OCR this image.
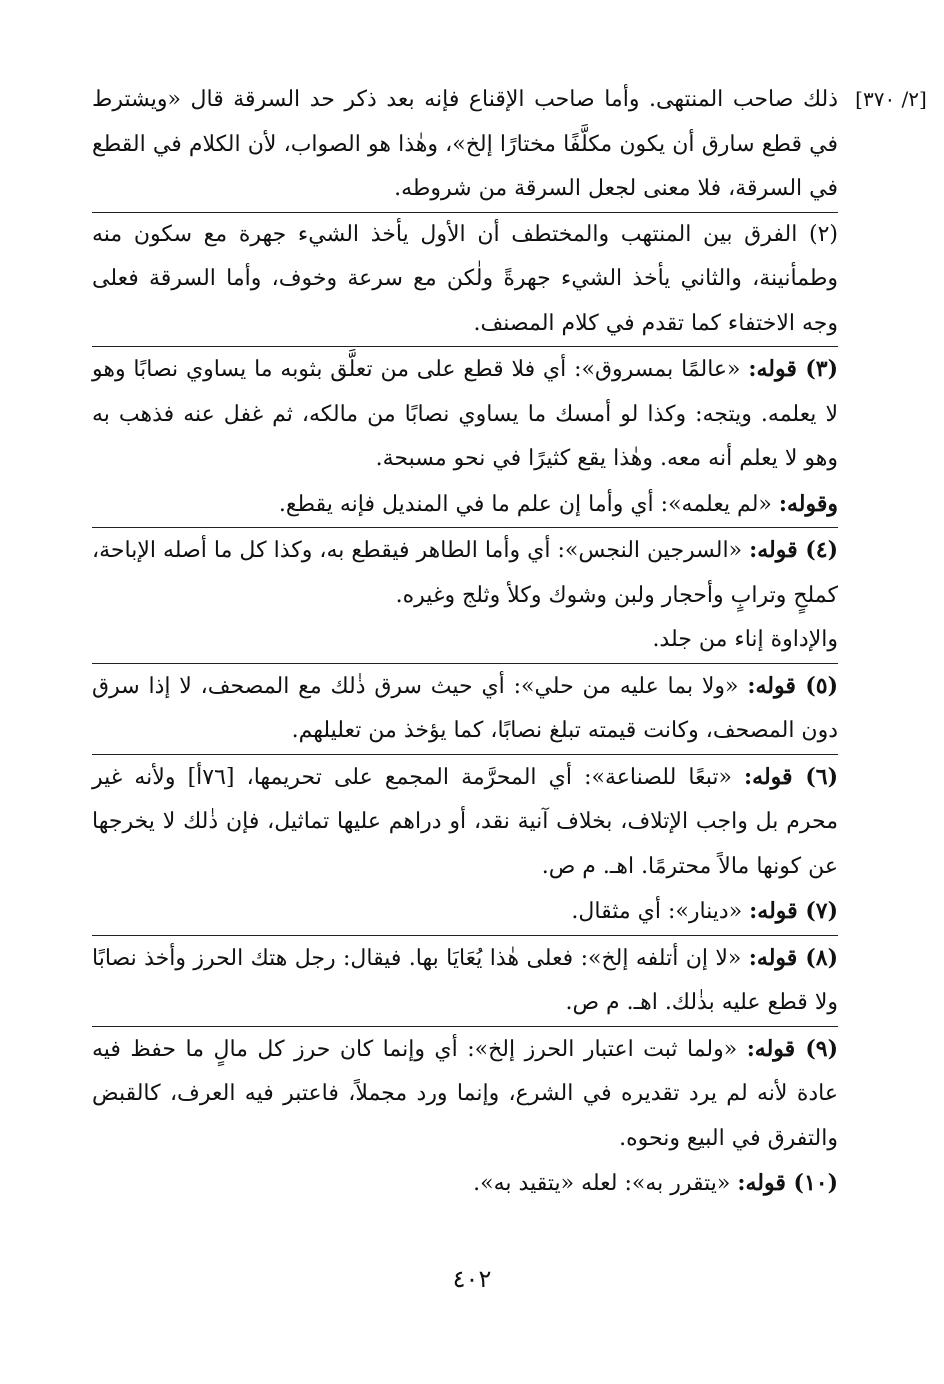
[٢/ ٣٧٠]

ذلك صاحب المنتهى. وأما صاحب الإقناع فإنه بعد ذكر حد السرقة قال «ويشترط في قطع سارق أن يكون مكلَّفًا مختارًا إلخ»، وهٰذا هو الصواب، لأن الكلام في القطع في السرقة، فلا معنى لجعل السرقة من شروطه.

(٢) الفرق بين المنتهب والمختطف أن الأول يأخذ الشيء جهرة مع سكون منه وطمأنينة، والثاني يأخذ الشيء جهرةً ولٰكن مع سرعة وخوف، وأما السرقة فعلى وجه الاختفاء كما تقدم في كلام المصنف.

(٣) قوله: «عالمًا بمسروق»: أي فلا قطع على من تعلَّق بثوبه ما يساوي نصابًا وهو لا يعلمه. ويتجه: وكذا لو أمسك ما يساوي نصابًا من مالكه، ثم غفل عنه فذهب به وهو لا يعلم أنه معه. وهٰذا يقع كثيرًا في نحو مسبحة.

وقوله: «لم يعلمه»: أي وأما إن علم ما في المنديل فإنه يقطع.

(٤) قوله: «السرجين النجس»: أي وأما الطاهر فيقطع به، وكذا كل ما أصله الإباحة، كملحٍ وترابٍ وأحجار ولبن وشوك وكلأ وثلج وغيره.

والإداوة إناء من جلد.

(٥) قوله: «ولا بما عليه من حلي»: أي حيث سرق ذٰلك مع المصحف، لا إذا سرق دون المصحف، وكانت قيمته تبلغ نصابًا، كما يؤخذ من تعليلهم.

(٦) قوله: «تبعًا للصناعة»: أي المحرَّمة المجمع على تحريمها، [٧٦أ] ولأنه غير محرم بل واجب الإتلاف، بخلاف آنية نقد، أو دراهم عليها تماثيل، فإن ذٰلك لا يخرجها عن كونها مالاً محترمًا. اهـ. م ص.

(٧) قوله: «دينار»: أي مثقال.

(٨) قوله: «لا إن أتلفه إلخ»: فعلى هٰذا يُعَايَا بها. فيقال: رجل هتك الحرز وأخذ نصابًا ولا قطع عليه بذٰلك. اهـ. م ص.

(٩) قوله: «ولما ثبت اعتبار الحرز إلخ»: أي وإنما كان حرز كل مالٍ ما حفظ فيه عادة لأنه لم يرد تقديره في الشرع، وإنما ورد مجملاً، فاعتبر فيه العرف، كالقبض والتفرق في البيع ونحوه.

(١٠) قوله: «يتقرر به»: لعله «يتقيد به».

٤٠٢
